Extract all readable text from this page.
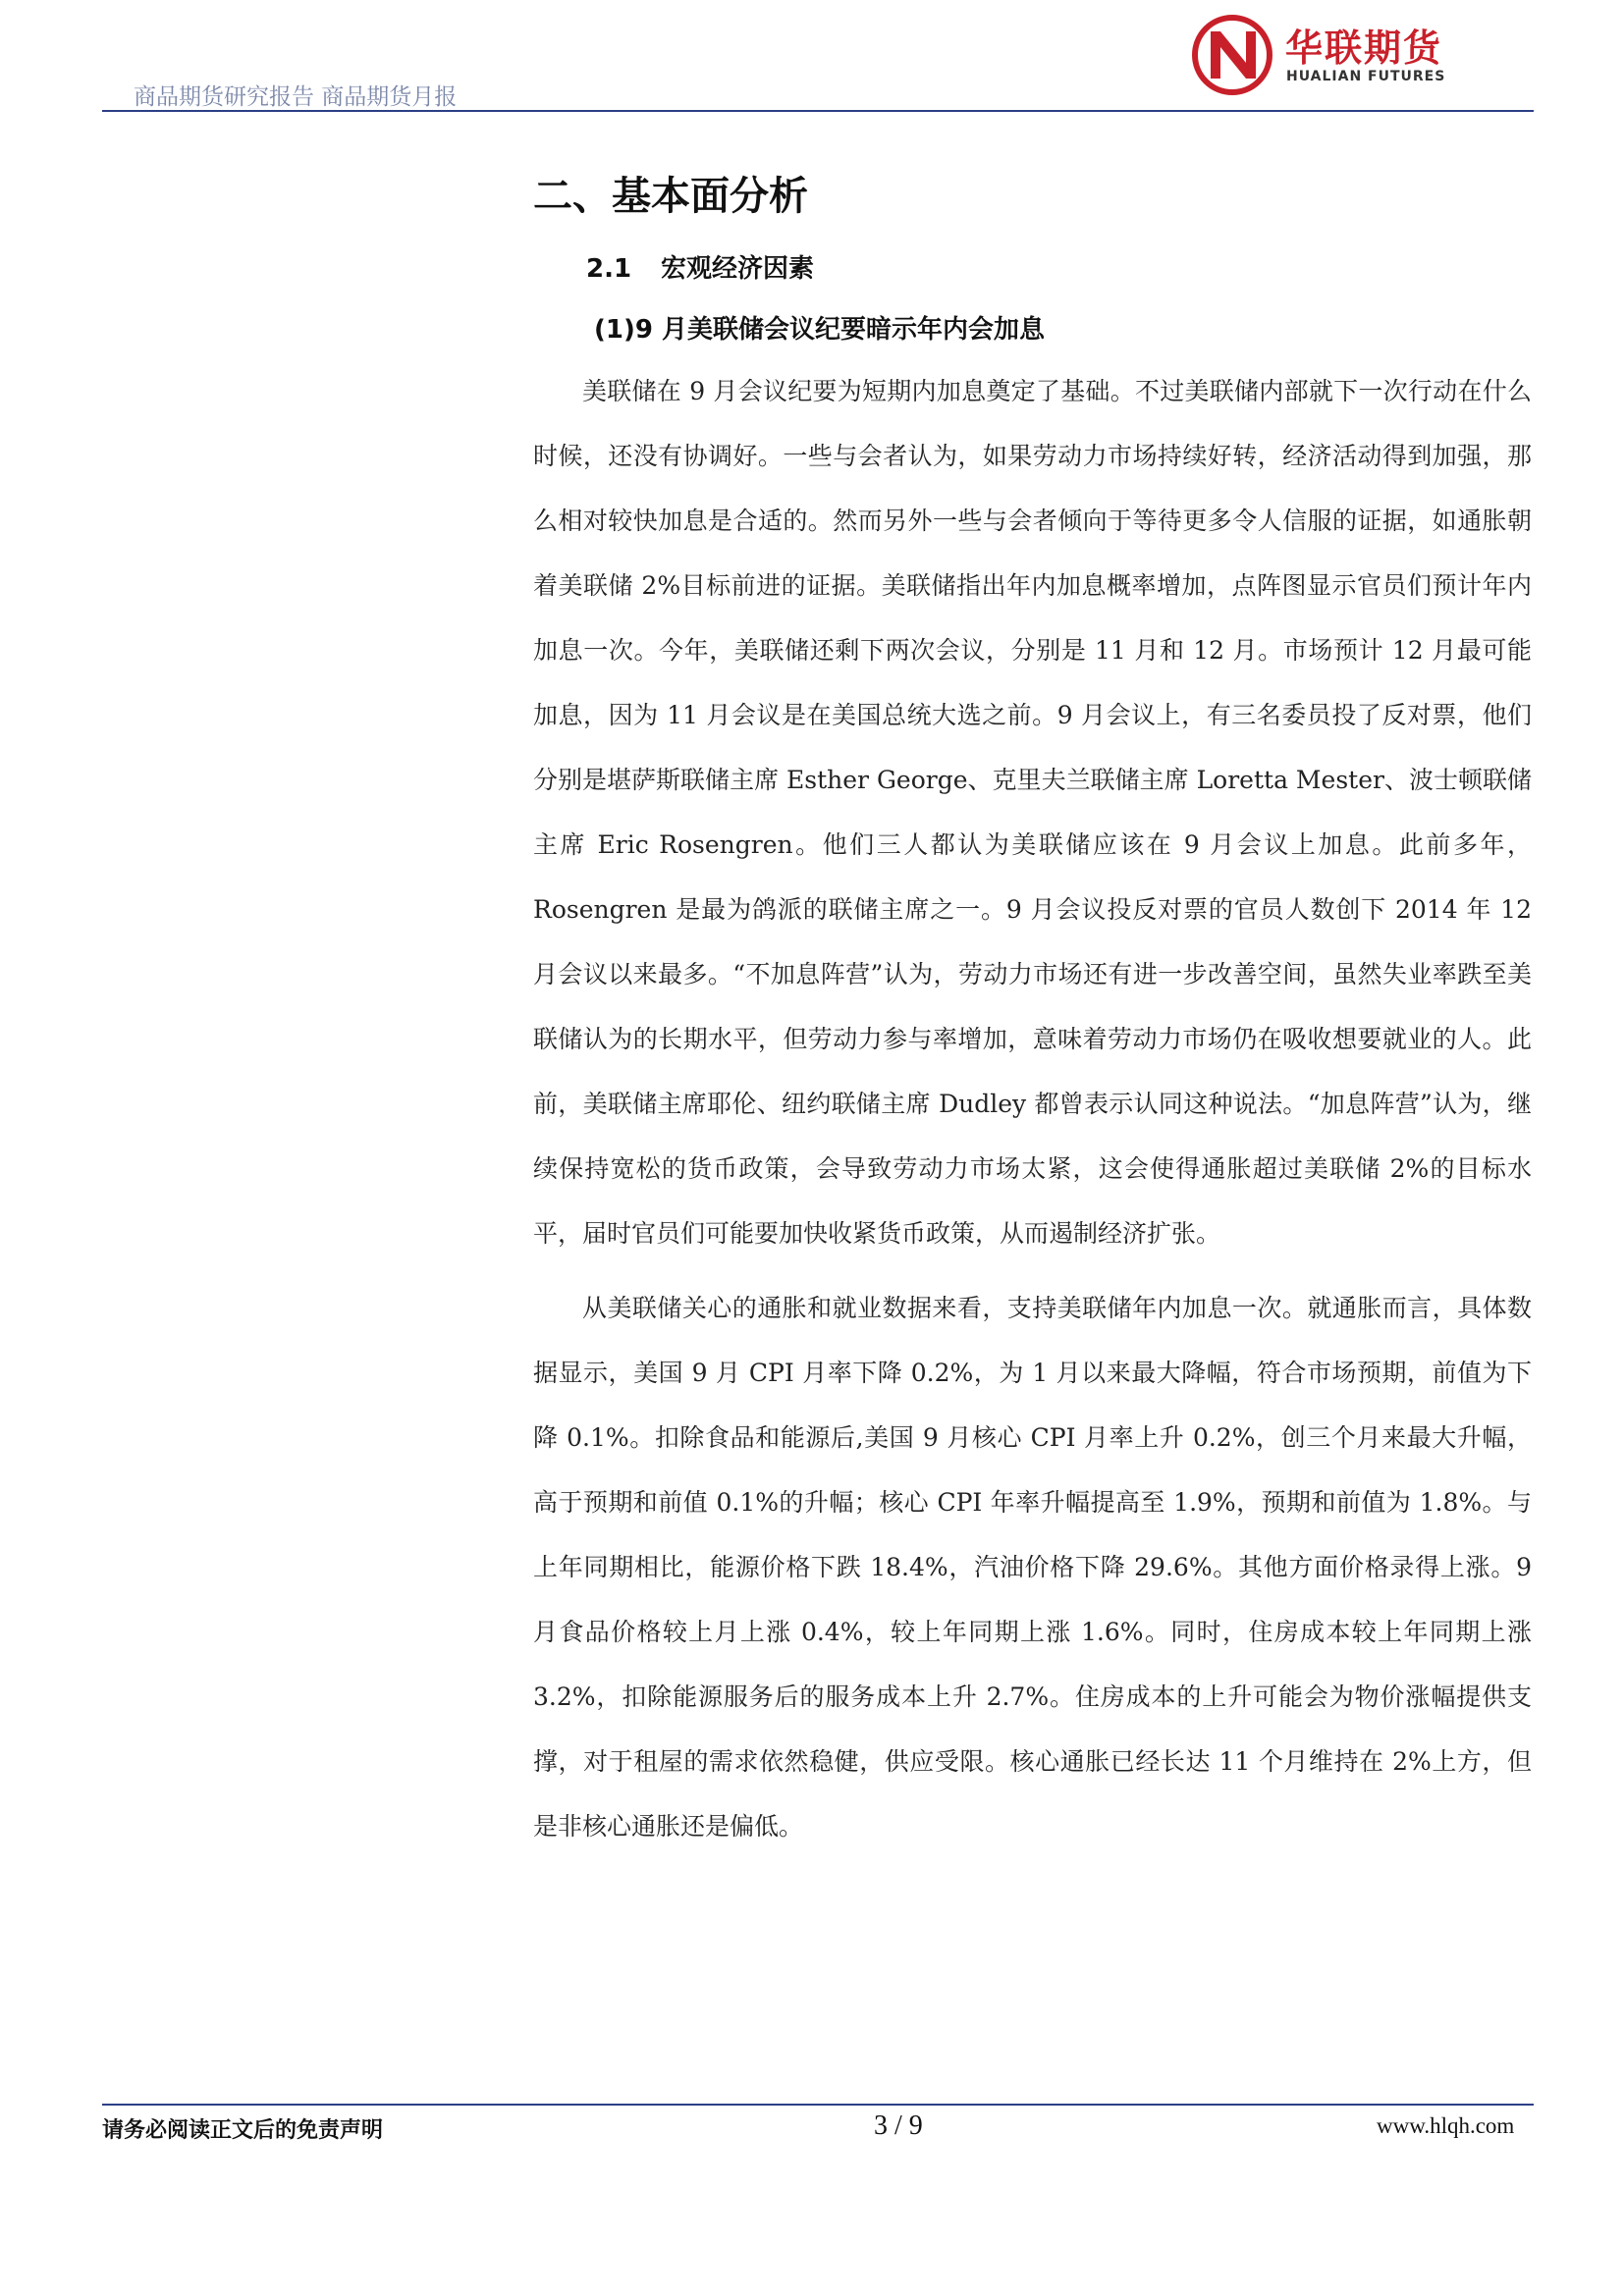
商品期货研究报告 商品期货月报
华联期货
HUALIAN FUTURES
二、基本面分析
2.1 宏观经济因素
(1)9 月美联储会议纪要暗示年内会加息

美联储在 9 月会议纪要为短期内加息奠定了基础。不过美联储内部就下一次行动在什么时候，还没有协调好。一些与会者认为，如果劳动力市场持续好转，经济活动得到加强，那么相对较快加息是合适的。然而另外一些与会者倾向于等待更多令人信服的证据，如通胀朝着美联储 2%目标前进的证据。美联储指出年内加息概率增加，点阵图显示官员们预计年内加息一次。今年，美联储还剩下两次会议，分别是 11 月和 12 月。市场预计 12 月最可能加息，因为 11 月会议是在美国总统大选之前。9 月会议上，有三名委员投了反对票，他们分别是堪萨斯联储主席 Esther George、克里夫兰联储主席 Loretta Mester、波士顿联储主席 Eric Rosengren。他们三人都认为美联储应该在 9 月会议上加息。此前多年，Rosengren 是最为鸽派的联储主席之一。9 月会议投反对票的官员人数创下 2014 年 12 月会议以来最多。“不加息阵营”认为，劳动力市场还有进一步改善空间，虽然失业率跌至美联储认为的长期水平，但劳动力参与率增加，意味着劳动力市场仍在吸收想要就业的人。此前，美联储主席耶伦、纽约联储主席 Dudley 都曾表示认同这种说法。“加息阵营”认为，继续保持宽松的货币政策，会导致劳动力市场太紧，这会使得通胀超过美联储 2%的目标水平，届时官员们可能要加快收紧货币政策，从而遏制经济扩张。

从美联储关心的通胀和就业数据来看，支持美联储年内加息一次。就通胀而言，具体数据显示，美国 9 月 CPI 月率下降 0.2%，为 1 月以来最大降幅，符合市场预期，前值为下降 0.1%。扣除食品和能源后,美国 9 月核心 CPI 月率上升 0.2%，创三个月来最大升幅，高于预期和前值 0.1%的升幅；核心 CPI 年率升幅提高至 1.9%，预期和前值为 1.8%。与上年同期相比，能源价格下跌 18.4%，汽油价格下降 29.6%。其他方面价格录得上涨。9 月食品价格较上月上涨 0.4%，较上年同期上涨 1.6%。同时，住房成本较上年同期上涨 3.2%，扣除能源服务后的服务成本上升 2.7%。住房成本的上升可能会为物价涨幅提供支撑，对于租屋的需求依然稳健，供应受限。核心通胀已经长达 11 个月维持在 2%上方，但是非核心通胀还是偏低。

请务必阅读正文后的免责声明	3 / 9	www.hlqh.com
